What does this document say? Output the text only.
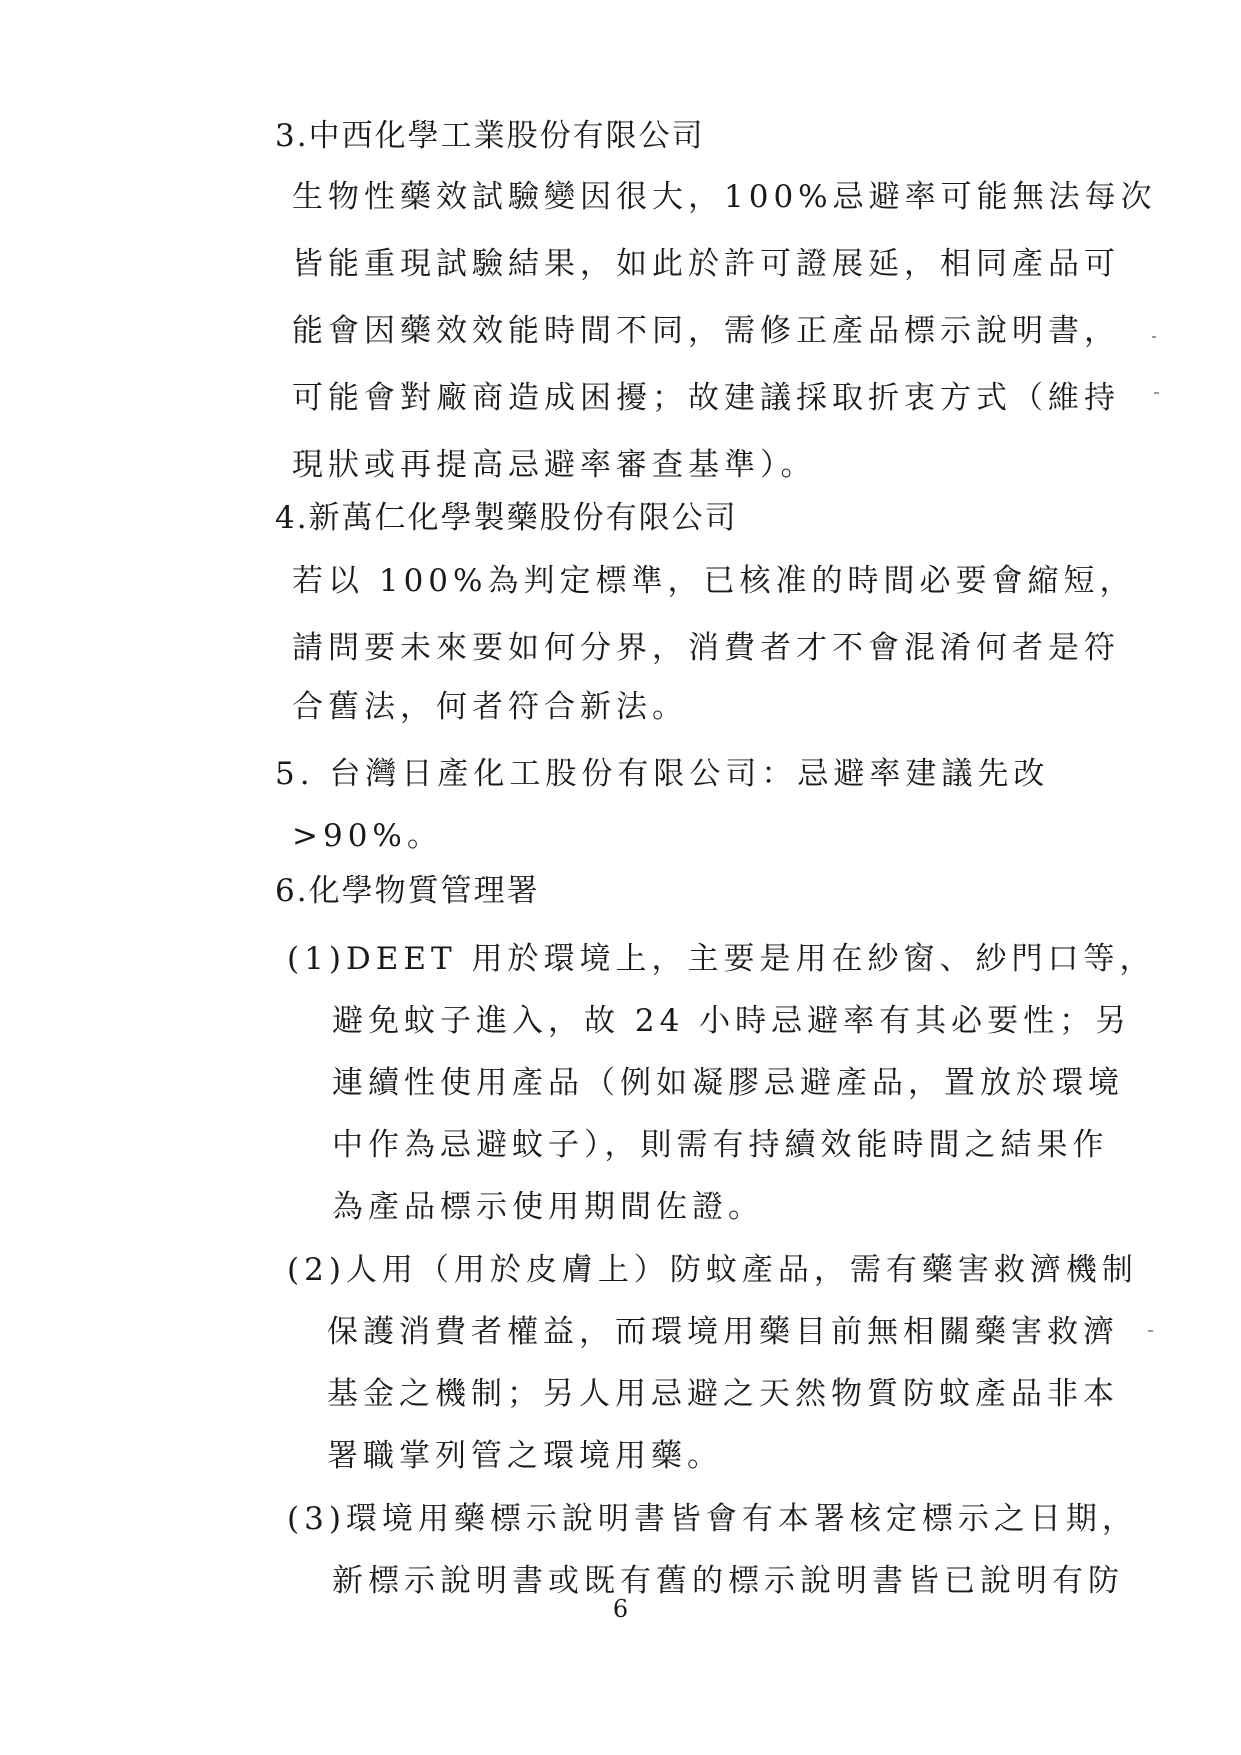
3.中西化學工業股份有限公司
生物性藥效試驗變因很大，100%忌避率可能無法每次
皆能重現試驗結果，如此於許可證展延，相同產品可
能會因藥效效能時間不同，需修正產品標示說明書，
可能會對廠商造成困擾；故建議採取折衷方式（維持
現狀或再提高忌避率審查基準）。
4.新萬仁化學製藥股份有限公司
若以 100%為判定標準，已核准的時間必要會縮短，
請問要未來要如何分界，消費者才不會混淆何者是符
合舊法，何者符合新法。
5. 台灣日產化工股份有限公司：忌避率建議先改
>90%。
6.化學物質管理署
(1)DEET 用於環境上，主要是用在紗窗、紗門口等，
避免蚊子進入，故 24 小時忌避率有其必要性；另
連續性使用產品（例如凝膠忌避產品，置放於環境
中作為忌避蚊子），則需有持續效能時間之結果作
為產品標示使用期間佐證。
(2)人用（用於皮膚上）防蚊產品，需有藥害救濟機制
保護消費者權益，而環境用藥目前無相關藥害救濟
基金之機制；另人用忌避之天然物質防蚊產品非本
署職掌列管之環境用藥。
(3)環境用藥標示說明書皆會有本署核定標示之日期，
新標示說明書或既有舊的標示說明書皆已說明有防
6
